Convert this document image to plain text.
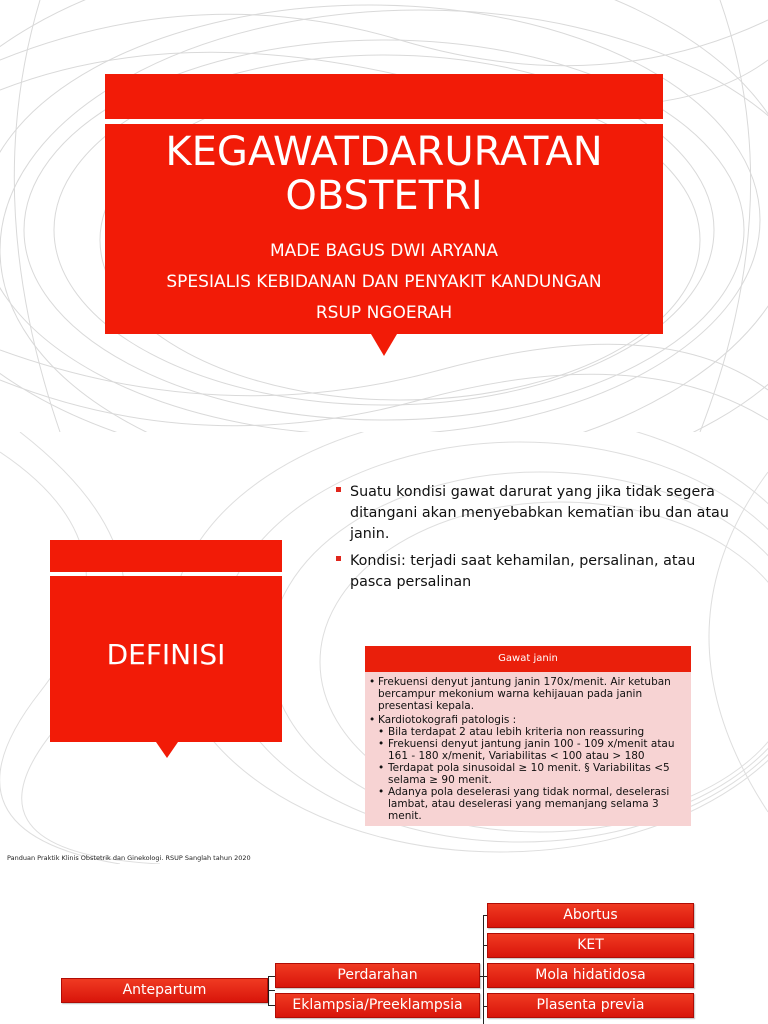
KEGAWATDARURATAN OBSTETRI
MADE BAGUS DWI ARYANA
SPESIALIS KEBIDANAN DAN PENYAKIT KANDUNGAN
RSUP NGOERAH
DEFINISI
Suatu kondisi gawat darurat yang jika tidak segera ditangani akan menyebabkan kematian ibu dan atau janin.
Kondisi: terjadi saat kehamilan, persalinan, atau pasca persalinan
Gawat janin
• Frekuensi denyut jantung janin 170x/menit. Air ketuban bercampur mekonium warna kehijauan pada janin presentasi kepala.
• Kardiotokografi patologis :
• Bila terdapat 2 atau lebih kriteria non reassuring
• Frekuensi denyut jantung janin 100 - 109 x/menit atau 161 - 180 x/menit, Variabilitas < 100 atau > 180
• Terdapat pola sinusoidal ≥ 10 menit. § Variabilitas <5 selama ≥ 90 menit.
• Adanya pola deselerasi yang tidak normal, deselerasi lambat, atau deselerasi yang memanjang selama 3 menit.
Panduan Praktik Klinis Obstetrik dan Ginekologi. RSUP Sanglah tahun 2020
Antepartum
Perdarahan
Eklampsia/Preeklampsia
Abortus
KET
Mola hidatidosa
Plasenta previa
